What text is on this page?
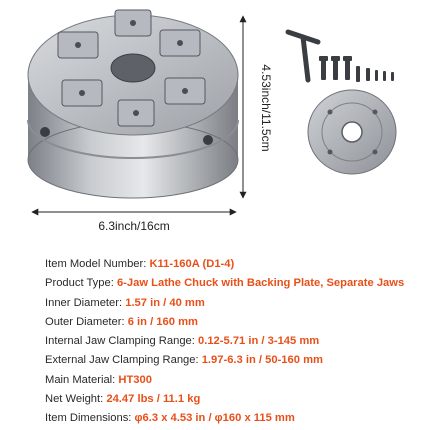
4.53inch/11.5cm
6.3inch/16cm
Item Model Number: K11-160A (D1-4)
Product Type: 6-Jaw Lathe Chuck with Backing Plate, Separate Jaws
Inner Diameter: 1.57 in / 40 mm
Outer Diameter: 6 in / 160 mm
Internal Jaw Clamping Range: 0.12-5.71 in / 3-145 mm
External Jaw Clamping Range: 1.97-6.3 in / 50-160 mm
Main Material: HT300
Net Weight: 24.47 lbs / 11.1 kg
Item Dimensions: φ6.3 x 4.53 in / φ160 x 115 mm
